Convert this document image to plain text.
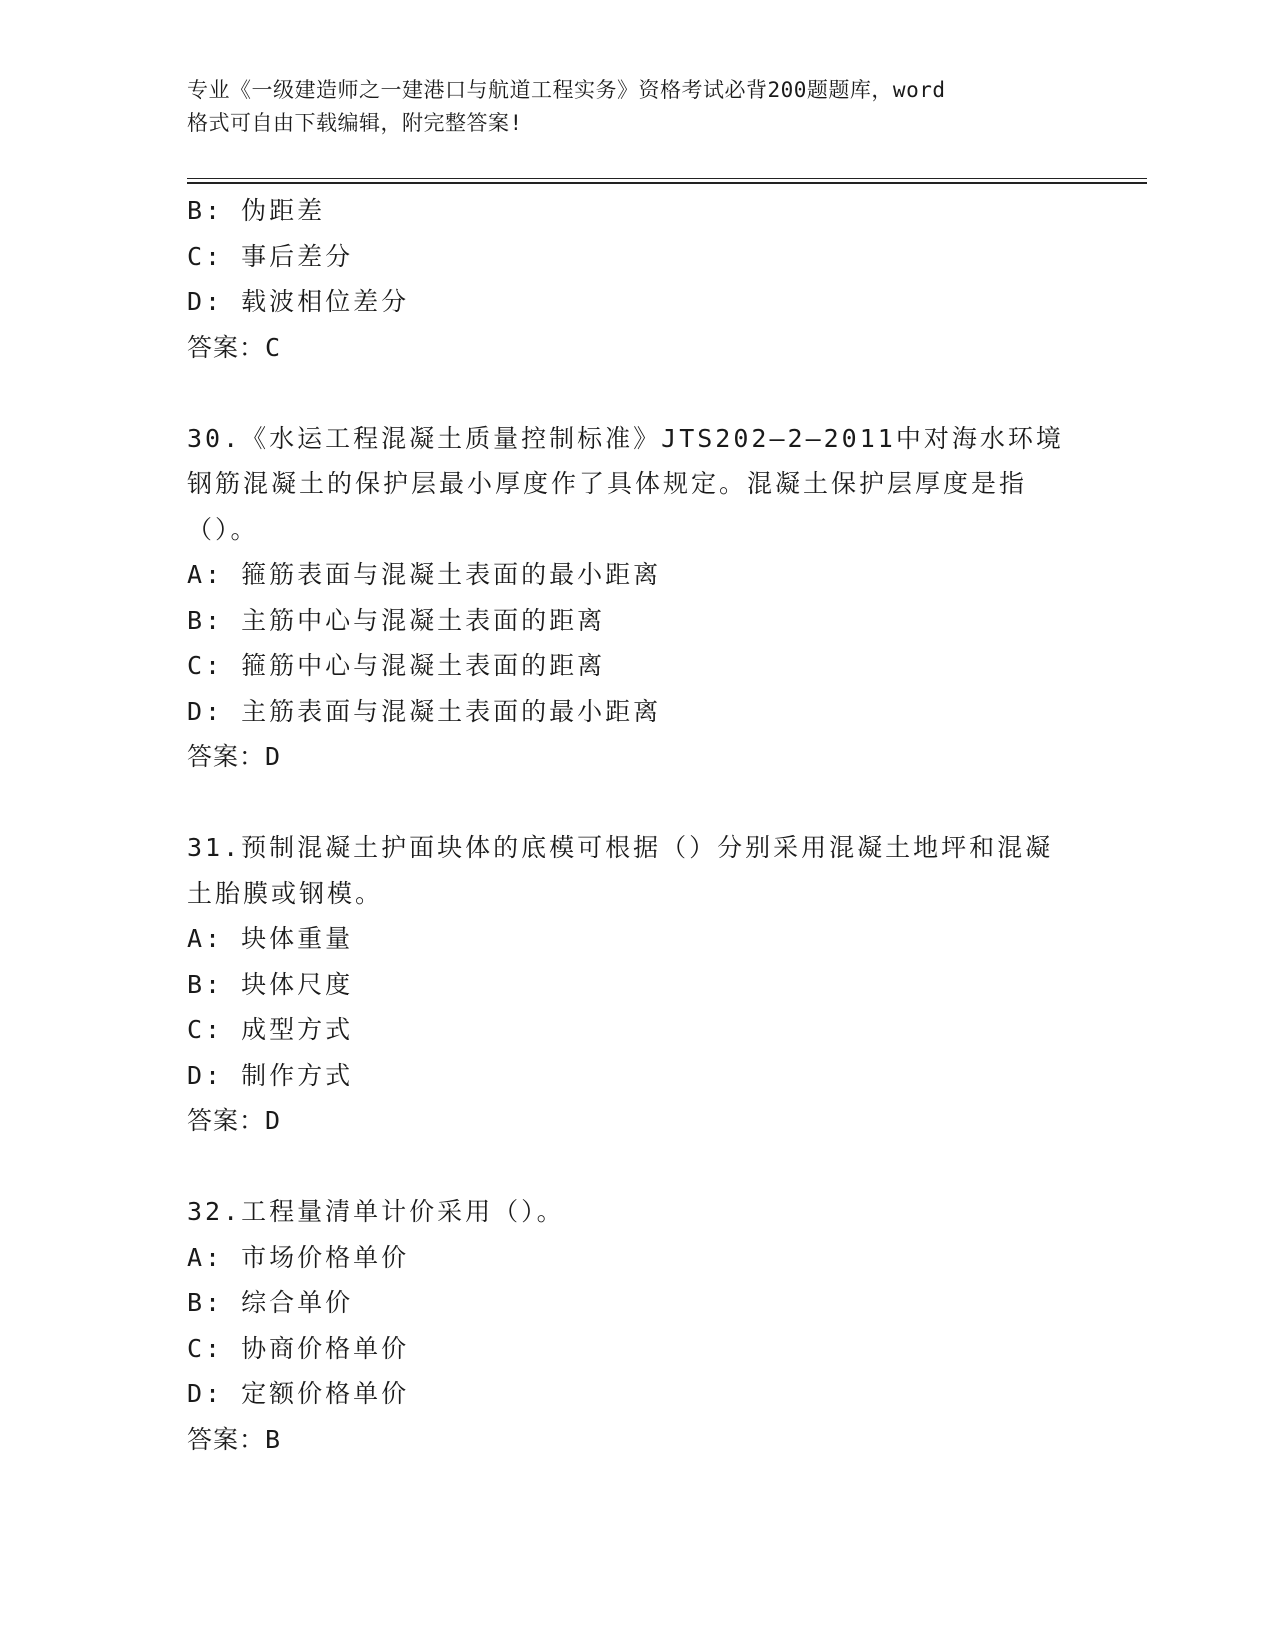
专业《一级建造师之一建港口与航道工程实务》资格考试必背200题题库，word
格式可自由下载编辑，附完整答案!
B: 伪距差
C: 事后差分
D: 载波相位差分
答案：C
30.《水运工程混凝土质量控制标准》JTS202—2—2011中对海水环境
钢筋混凝土的保护层最小厚度作了具体规定。混凝土保护层厚度是指
（）。
A: 箍筋表面与混凝土表面的最小距离
B: 主筋中心与混凝土表面的距离
C: 箍筋中心与混凝土表面的距离
D: 主筋表面与混凝土表面的最小距离
答案：D
31.预制混凝土护面块体的底模可根据（）分别采用混凝土地坪和混凝
土胎膜或钢模。
A: 块体重量
B: 块体尺度
C: 成型方式
D: 制作方式
答案：D
32.工程量清单计价采用（）。
A: 市场价格单价
B: 综合单价
C: 协商价格单价
D: 定额价格单价
答案：B
